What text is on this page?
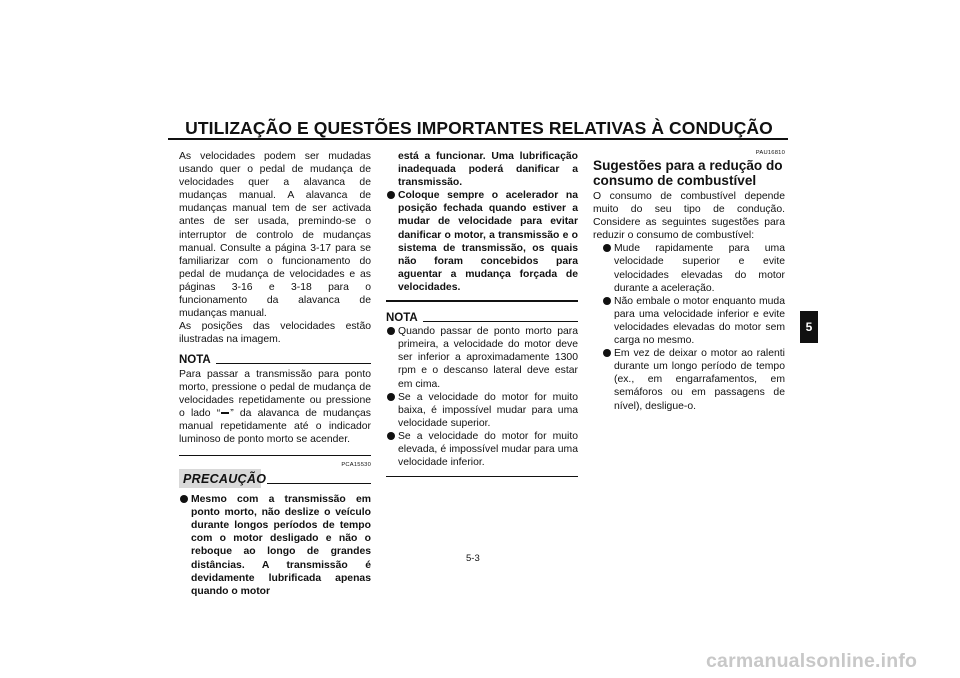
UTILIZAÇÃO E QUESTÕES IMPORTANTES RELATIVAS À CONDUÇÃO
As velocidades podem ser mudadas usando quer o pedal de mudança de velocidades quer a alavanca de mudanças manual. A alavanca de mudanças manual tem de ser activada antes de ser usada, premindo-se o interruptor de controlo de mudanças manual. Consulte a página 3-17 para se familiarizar com o funcionamento do pedal de mudança de velocidades e as páginas 3-16 e 3-18 para o funcionamento da alavanca de mudanças manual.
As posições das velocidades estão ilustradas na imagem.
NOTA
Para passar a transmissão para ponto morto, pressione o pedal de mudança de velocidades repetidamente ou pressione o lado “ ” da alavanca de mudanças manual repetidamente até o indicador luminoso de ponto morto se acender.
PCA15530
PRECAUÇÃO
Mesmo com a transmissão em ponto morto, não deslize o veículo durante longos períodos de tempo com o motor desligado e não o reboque ao longo de grandes distâncias. A transmissão é devidamente lubrificada apenas quando o motor
está a funcionar. Uma lubrificação inadequada poderá danificar a transmissão.
Coloque sempre o acelerador na posição fechada quando estiver a mudar de velocidade para evitar danificar o motor, a transmissão e o sistema de transmissão, os quais não foram concebidos para aguentar a mudança forçada de velocidades.
NOTA
Quando passar de ponto morto para primeira, a velocidade do motor deve ser inferior a aproximadamente 1300 rpm e o descanso lateral deve estar em cima.
Se a velocidade do motor for muito baixa, é impossível mudar para uma velocidade superior.
Se a velocidade do motor for muito elevada, é impossível mudar para uma velocidade inferior.
PAU16810
Sugestões para a redução do consumo de combustível
O consumo de combustível depende muito do seu tipo de condução. Considere as seguintes sugestões para reduzir o consumo de combustível:
Mude rapidamente para uma velocidade superior e evite velocidades elevadas do motor durante a aceleração.
Não embale o motor enquanto muda para uma velocidade inferior e evite velocidades elevadas do motor sem carga no mesmo.
Em vez de deixar o motor ao ralenti durante um longo período de tempo (ex., em engarrafamentos, em semáforos ou em passagens de nível), desligue-o.
5-3
5
carmanualsonline.info
